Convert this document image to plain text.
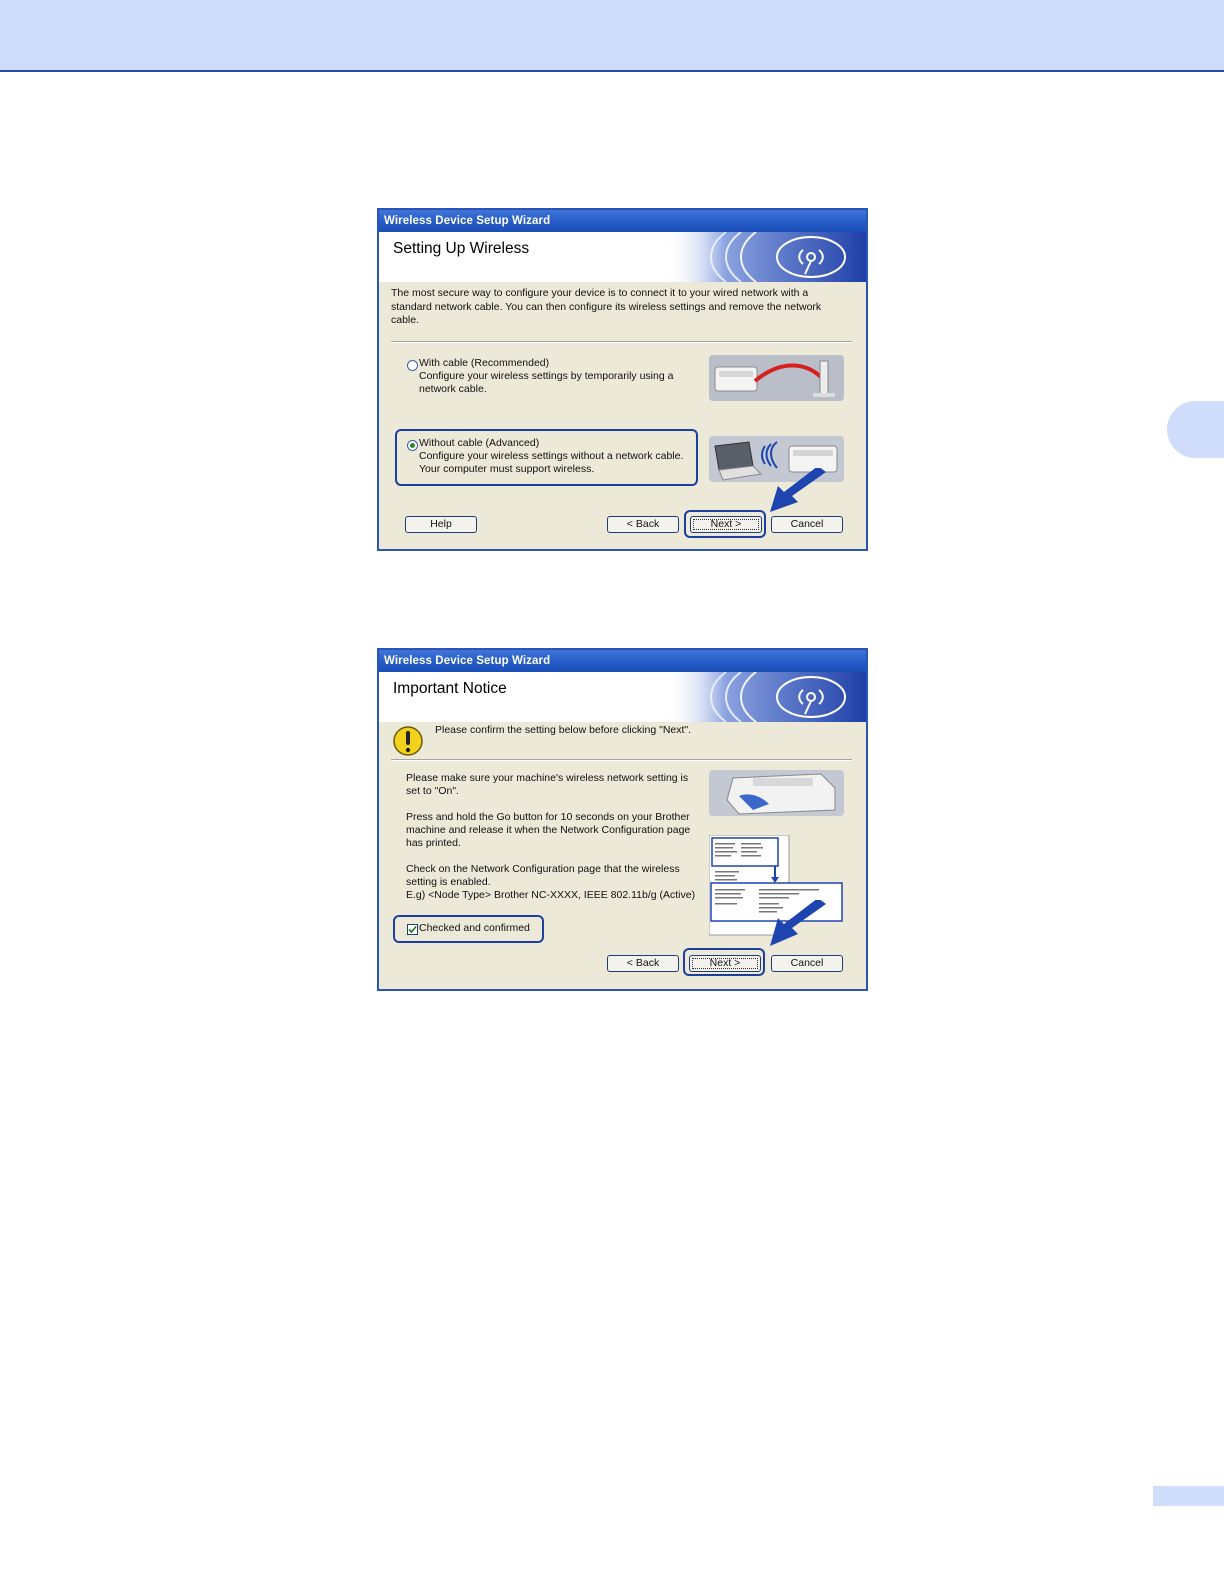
Wireless Device Setup Wizard
Setting Up Wireless
The most secure way to configure your device is to connect it to your wired network with a standard network cable. You can then configure its wireless settings and remove the network cable.
With cable (Recommended)
Configure your wireless settings by temporarily using a
network cable.
Without cable (Advanced)
Configure your wireless settings without a network cable.
Your computer must support wireless.
Help	< Back	Next >	Cancel
Wireless Device Setup Wizard
Important Notice
Please confirm the setting below before clicking "Next".
Please make sure your machine's wireless network setting is
set to "On".
Press and hold the Go button for 10 seconds on your Brother
machine and release it when the Network Configuration page
has printed.
Check on the Network Configuration page that the wireless
setting is enabled.
E.g) <Node Type> Brother NC-XXXX, IEEE 802.11b/g (Active)
Checked and confirmed
< Back	Next >	Cancel
